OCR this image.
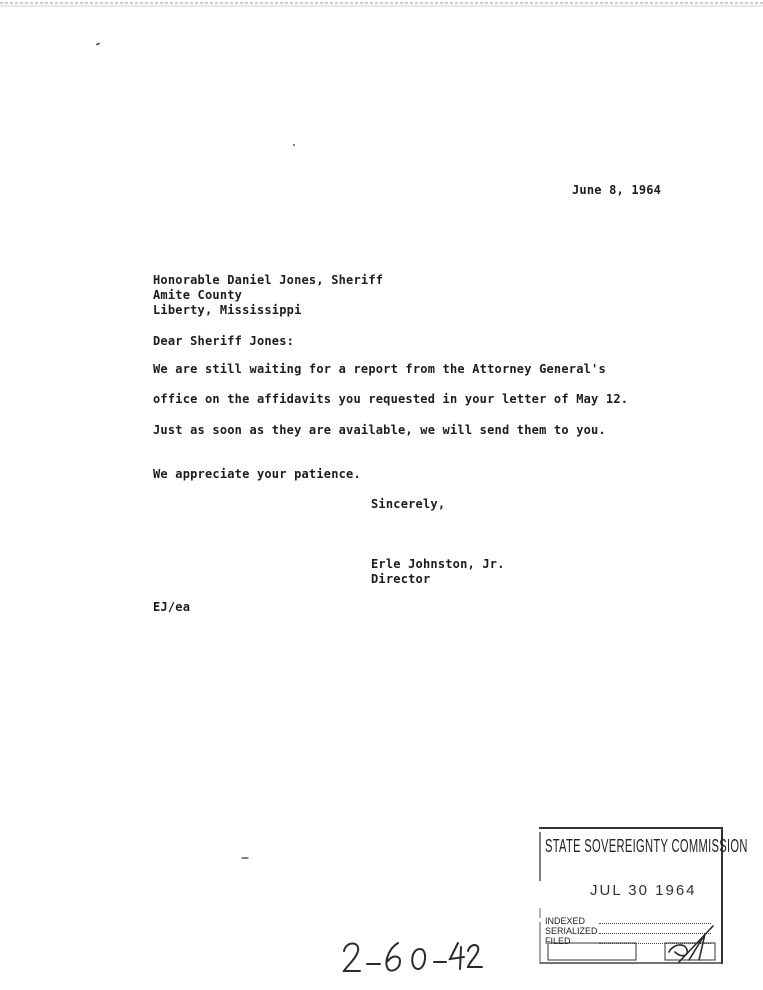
June 8, 1964
Honorable Daniel Jones, Sheriff
Amite County
Liberty, Mississippi
Dear Sheriff Jones:
We are still waiting for a report from the Attorney General's
office on the affidavits you requested in your letter of May 12.
Just as soon as they are available, we will send them to you.
We appreciate your patience.
Sincerely,
Erle Johnston, Jr.
Director
EJ/ea
STATE SOVEREIGNTY COMMISSION
JUL 30 1964
INDEXED
SERIALIZED
FILED
